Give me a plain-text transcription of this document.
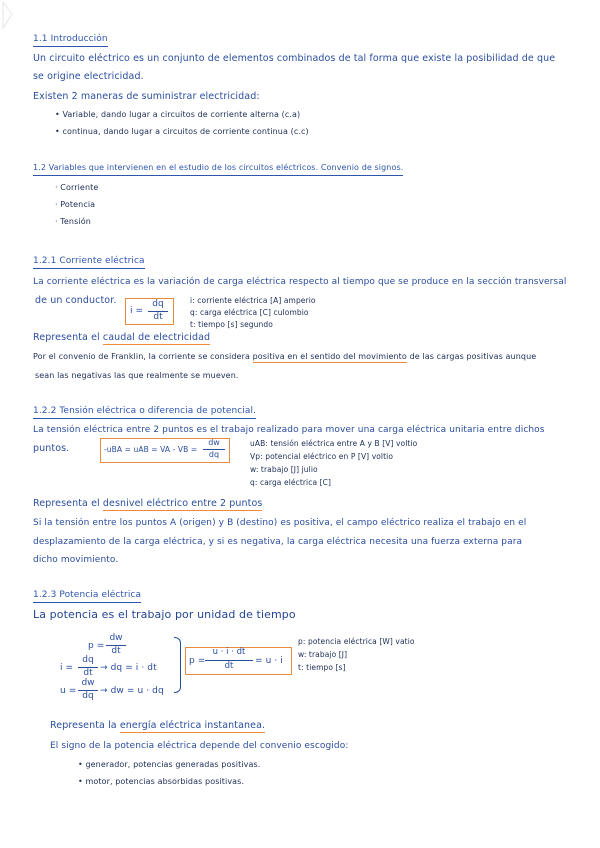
1.1 Introducción
Un circuito eléctrico es un conjunto de elementos combinados de tal forma que existe la posibilidad de que
se origine electricidad.
Existen 2 maneras de suministrar electricidad:
• Variable, dando lugar a circuitos de corriente alterna (c.a)
• continua, dando lugar a circuitos de corriente continua (c.c)
1.2 Variables que intervienen en el estudio de los circuitos eléctricos. Convenio de signos.
· Corriente
· Potencia
· Tensión
1.2.1 Corriente eléctrica
La corriente eléctrica es la variación de carga eléctrica respecto al tiempo que se produce en la sección transversal
de un conductor.
i =
dq
dt
i: corriente eléctrica [A] amperio
q: carga eléctrica [C] culombio
t: tiempo [s] segundo
Representa el caudal de electricidad
Por el convenio de Franklin, la corriente se considera positiva en el sentido del movimiento de las cargas positivas aunque
sean las negativas las que realmente se mueven.
1.2.2 Tensión eléctrica o diferencia de potencial.
La tensión eléctrica entre 2 puntos es el trabajo realizado para mover una carga eléctrica unitaria entre dichos
puntos.	-uBA = uAB = VA - VB =
dw
dq
uAB: tensión eléctrica entre A y B [V] voltio
Vp: potencial eléctrico en P [V] voltio
w: trabajo [J] julio
q: carga eléctrica [C]
Representa el desnivel eléctrico entre 2 puntos
Si la tensión entre los puntos A (origen) y B (destino) es positiva, el campo eléctrico realiza el trabajo en el
desplazamiento de la carga eléctrica, y si es negativa, la carga eléctrica necesita una fuerza externa para
dicho movimiento.
1.2.3 Potencia eléctrica
La potencia es el trabajo por unidad de tiempo
p =
dw
dt
i =
dq
dt → dq = i · dt
u =
dw
dq → dw = u · dq
p =
u · i · dt
dt	= u · i
p: potencia eléctrica [W] vatio
w: trabajo [J]
t: tiempo [s]
Representa la energía eléctrica instantanea.
El signo de la potencia eléctrica depende del convenio escogido:
• generador, potencias generadas positivas.
• motor, potencias absorbidas positivas.
